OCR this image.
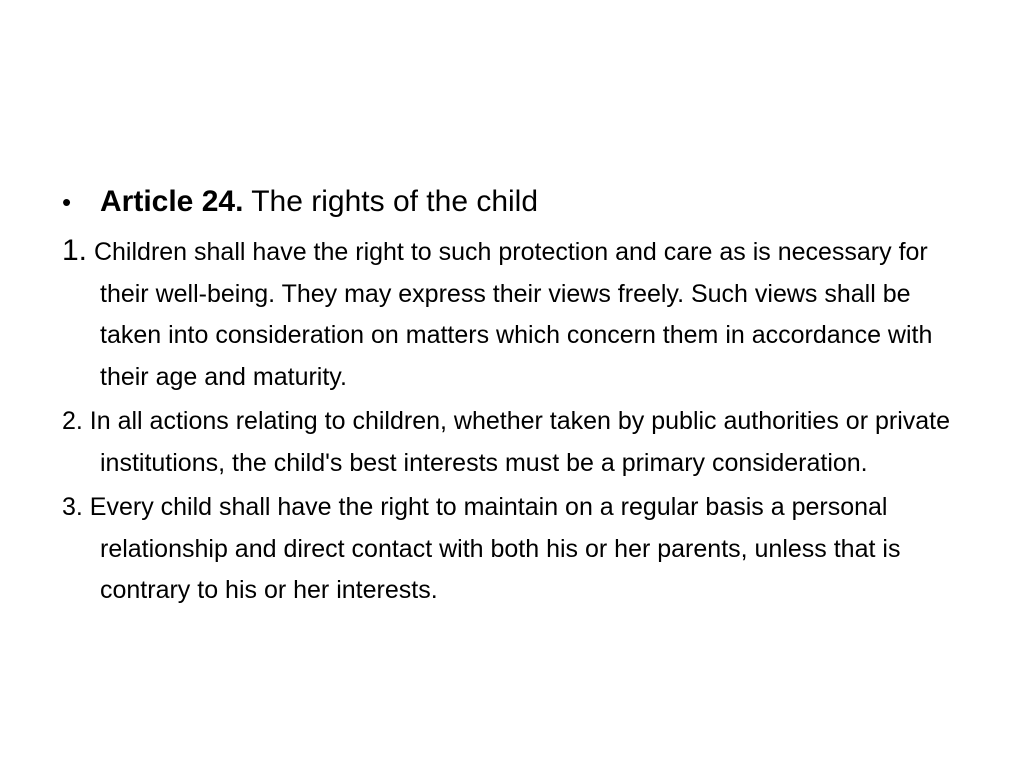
• Article 24. The rights of the child

1. Children shall have the right to such protection and care as is necessary for their well-being. They may express their views freely. Such views shall be taken into consideration on matters which concern them in accordance with their age and maturity.

2. In all actions relating to children, whether taken by public authorities or private institutions, the child's best interests must be a primary consideration.

3. Every child shall have the right to maintain on a regular basis a personal relationship and direct contact with both his or her parents, unless that is contrary to his or her interests.
